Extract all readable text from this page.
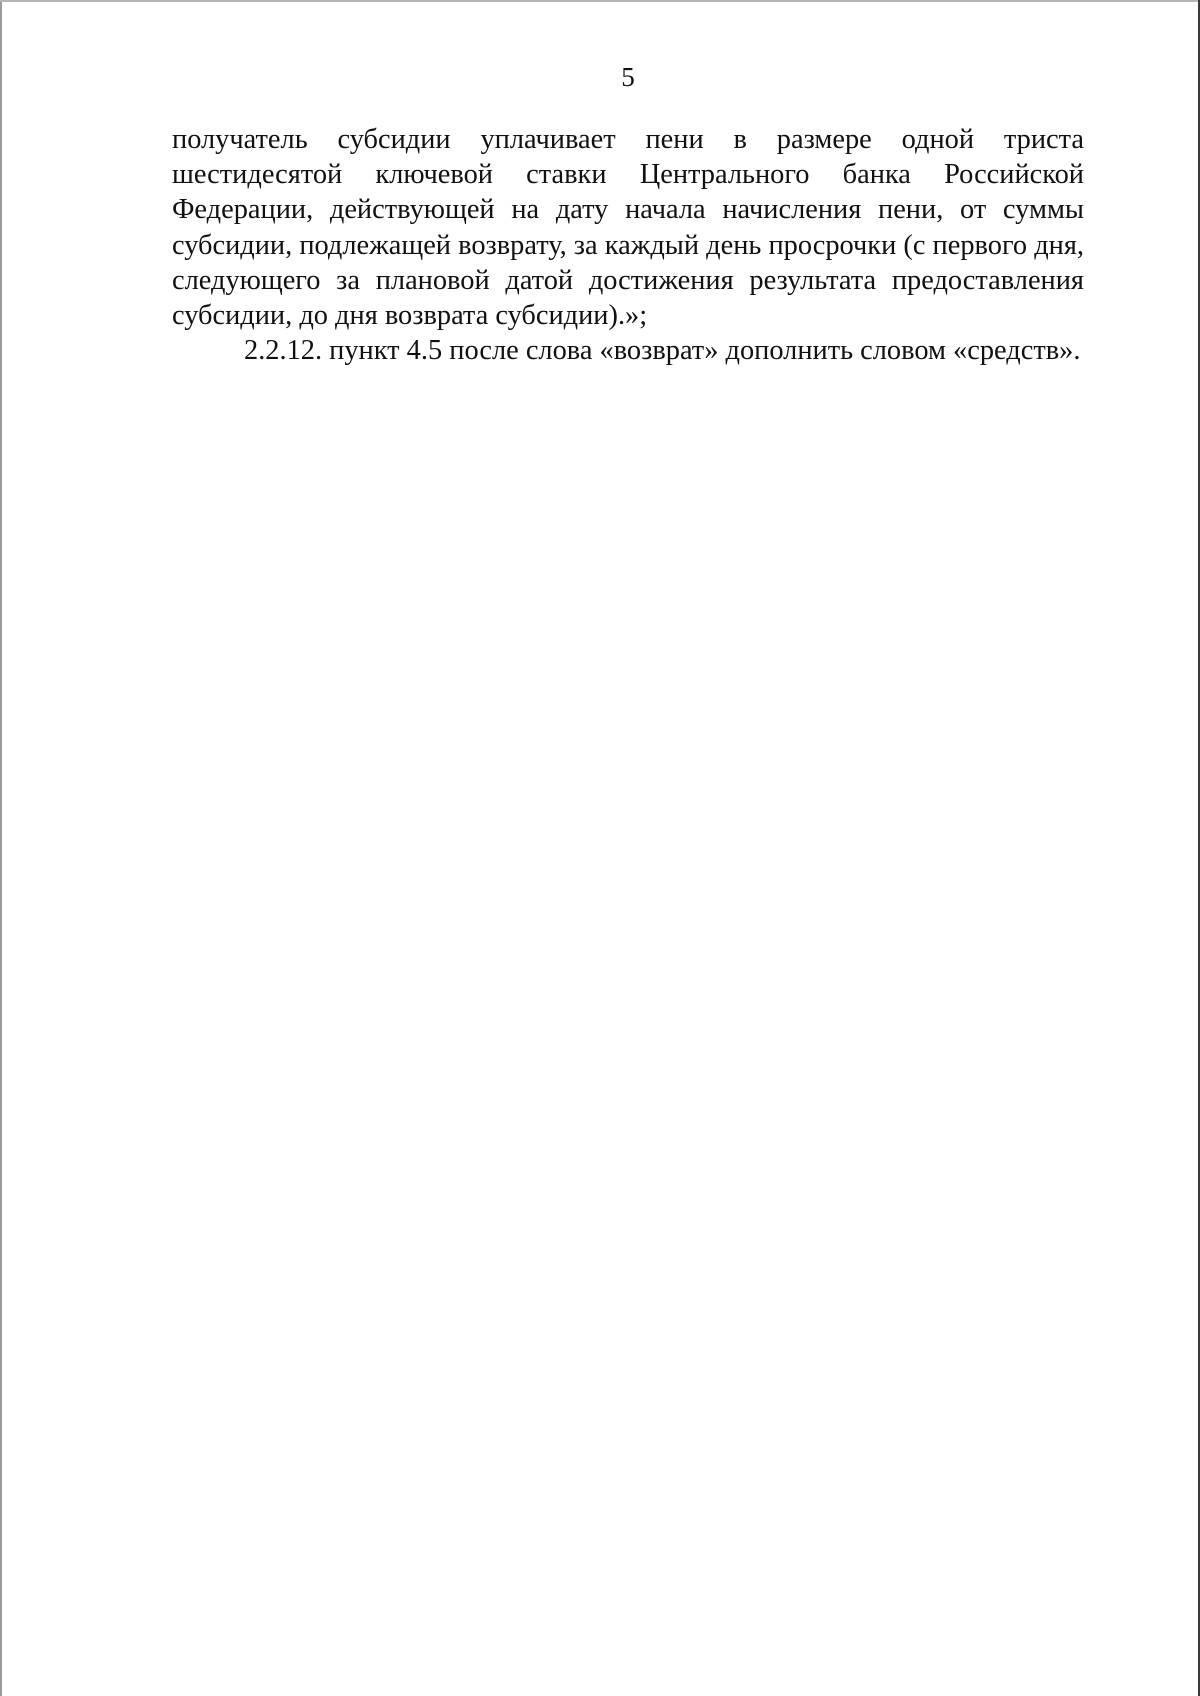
5

получатель субсидии уплачивает пени в размере одной триста шестидесятой ключевой ставки Центрального банка Российской Федерации, действующей на дату начала начисления пени, от суммы субсидии, подлежащей возврату, за каждый день просрочки (с первого дня, следующего за плановой датой достижения результата предоставления субсидии, до дня возврата субсидии).»;

2.2.12. пункт 4.5 после слова «возврат» дополнить словом «средств».
